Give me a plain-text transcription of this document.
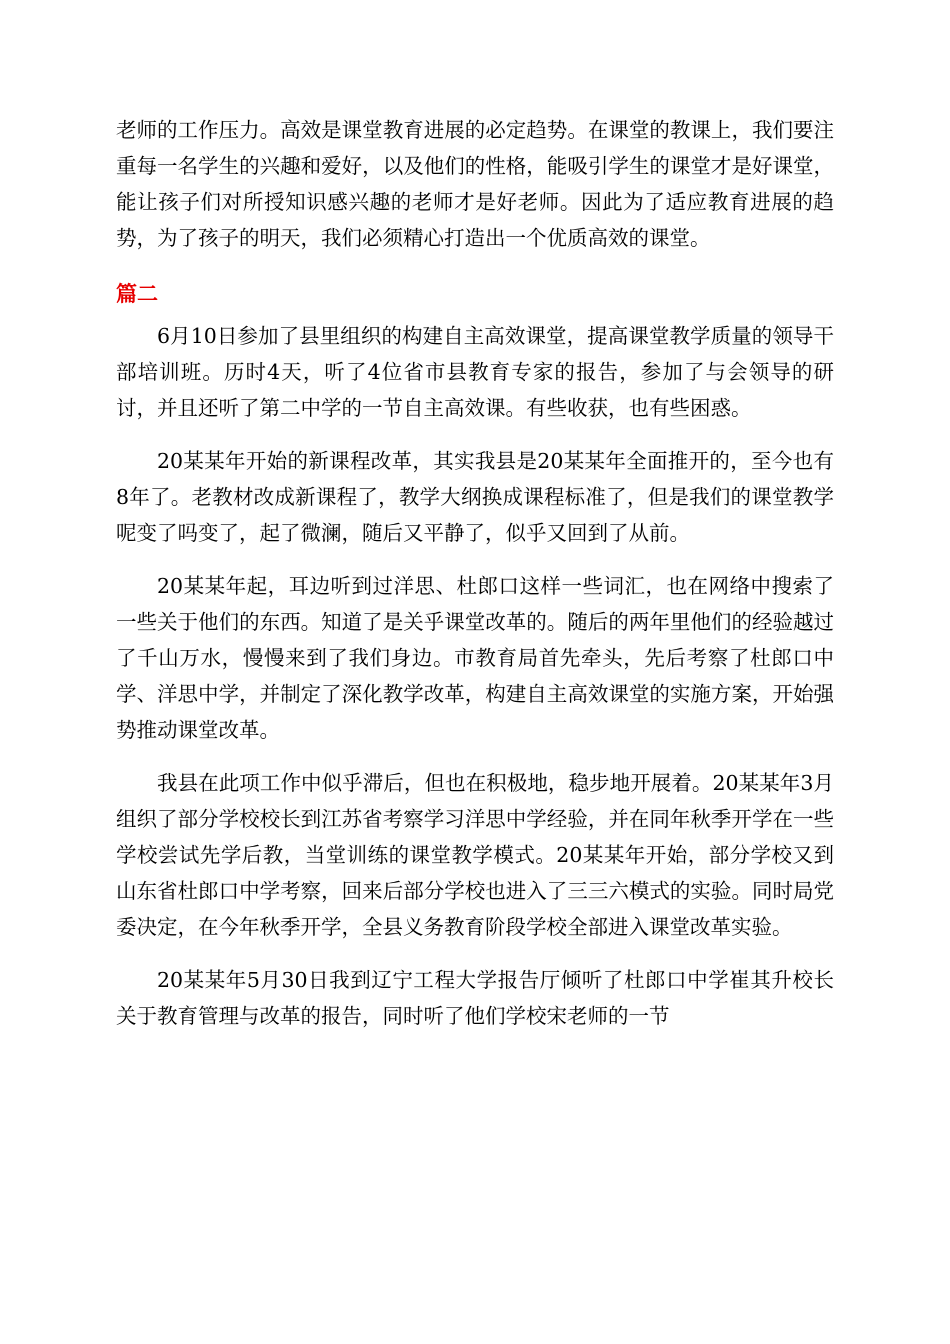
老师的工作压力。高效是课堂教育进展的必定趋势。在课堂的教课上，我们要注重每一名学生的兴趣和爱好，以及他们的性格，能吸引学生的课堂才是好课堂，能让孩子们对所授知识感兴趣的老师才是好老师。因此为了适应教育进展的趋势，为了孩子的明天，我们必须精心打造出一个优质高效的课堂。

篇二

6月10日参加了县里组织的构建自主高效课堂，提高课堂教学质量的领导干部培训班。历时4天，听了4位省市县教育专家的报告，参加了与会领导的研讨，并且还听了第二中学的一节自主高效课。有些收获，也有些困惑。

20某某年开始的新课程改革，其实我县是20某某年全面推开的，至今也有8年了。老教材改成新课程了，教学大纲换成课程标准了，但是我们的课堂教学呢变了吗变了，起了微澜，随后又平静了，似乎又回到了从前。

20某某年起，耳边听到过洋思、杜郎口这样一些词汇，也在网络中搜索了一些关于他们的东西。知道了是关乎课堂改革的。随后的两年里他们的经验越过了千山万水，慢慢来到了我们身边。市教育局首先牵头，先后考察了杜郎口中学、洋思中学，并制定了深化教学改革，构建自主高效课堂的实施方案，开始强势推动课堂改革。

我县在此项工作中似乎滞后，但也在积极地，稳步地开展着。20某某年3月组织了部分学校校长到江苏省考察学习洋思中学经验，并在同年秋季开学在一些学校尝试先学后教，当堂训练的课堂教学模式。20某某年开始，部分学校又到山东省杜郎口中学考察，回来后部分学校也进入了三三六模式的实验。同时局党委决定，在今年秋季开学，全县义务教育阶段学校全部进入课堂改革实验。

20某某年5月30日我到辽宁工程大学报告厅倾听了杜郎口中学崔其升校长关于教育管理与改革的报告，同时听了他们学校宋老师的一节
